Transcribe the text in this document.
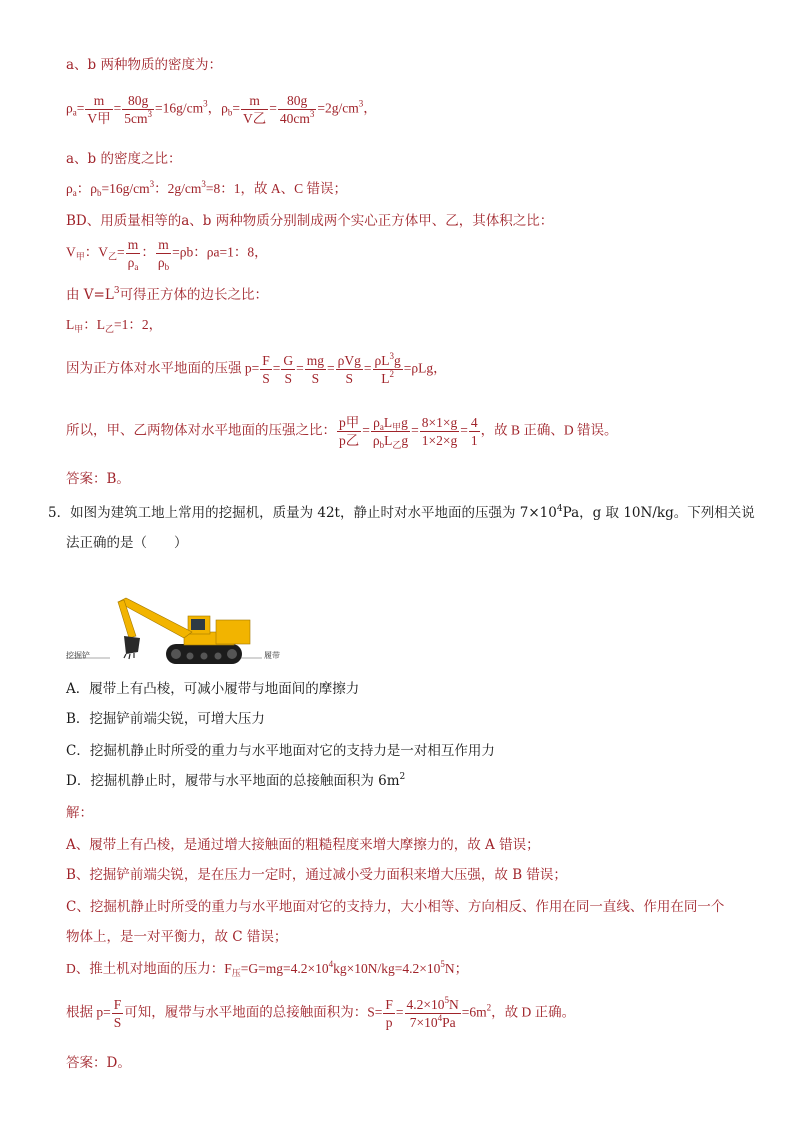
a、b 两种物质的密度为：
$\rho_a= \frac{m}{\text{V甲}} = \frac{80g}{5cm^3} =16g/cm^3$，$\rho_b= \frac{m}{\text{V乙}} = \frac{80g}{40cm^3} =2g/cm^3$，
a、b 的密度之比：
$\rho_a$：$\rho_b=16g/cm^3$：$2g/cm^3=8$：1，故 A、C 错误；
BD、用质量相等的a、b 两种物质分别制成两个实心正方体甲、乙，其体积之比：
$V_甲$：$V_乙= \frac{m}{\rho_a}$ ： $\frac{m}{\rho_b} =\rho b$：ρa=1：8，
由 $V=L^3$可得正方体的边长之比：
$L_甲$：$L_乙=1$：2，
因为正方体对水平地面的压强 $p= \frac{F}{S} = \frac{G}{S} = \frac{mg}{S} = \frac{\text{ρVg}}{S} = \frac{\rho L^3g}{L^2} =\rho Lg$，
所以，甲、乙两物体对水平地面的压强之比： $\frac{\text{p甲}}{\text{p乙}} = \frac{\rho_aL_甲g}{\rho_bL_乙g} = \frac{8\times 1\times g}{1\times 2\times g} = \frac{4}{1}$ ，故 B 正确、D 错误。
答案：B。
5．如图为建筑工地上常用的挖掘机，质量为 42t，静止时对水平地面的压强为 $7\times 10^4Pa$，g 取 10N/kg。下列相关说
法正确的是（　　）
挖掘铲	履带
A．履带上有凸棱，可减小履带与地面间的摩擦力
B．挖掘铲前端尖锐，可增大压力
C．挖掘机静止时所受的重力与水平地面对它的支持力是一对相互作用力
D．挖掘机静止时，履带与水平地面的总接触面积为 $6m^2$
解：
A、履带上有凸棱，是通过增大接触面的粗糙程度来增大摩擦力的，故 A 错误；
B、挖掘铲前端尖锐，是在压力一定时，通过减小受力面积来增大压强，故 B 错误；
C、挖掘机静止时所受的重力与水平地面对它的支持力，大小相等、方向相反、作用在同一直线、作用在同一个
物体上，是一对平衡力，故 C 错误；
D、推土机对地面的压力：$F_压=G=mg=4.2\times 10^4kg\times 10N/kg=4.2\times 10^5N$；
根据 $p= \frac{F}{S}$ 可知，履带与水平地面的总接触面积为：$S= \frac{F}{p} = \frac{4.2\times 10^5N}{7\times 10^4Pa} =6m^2$，故 D 正确。
答案：D。
